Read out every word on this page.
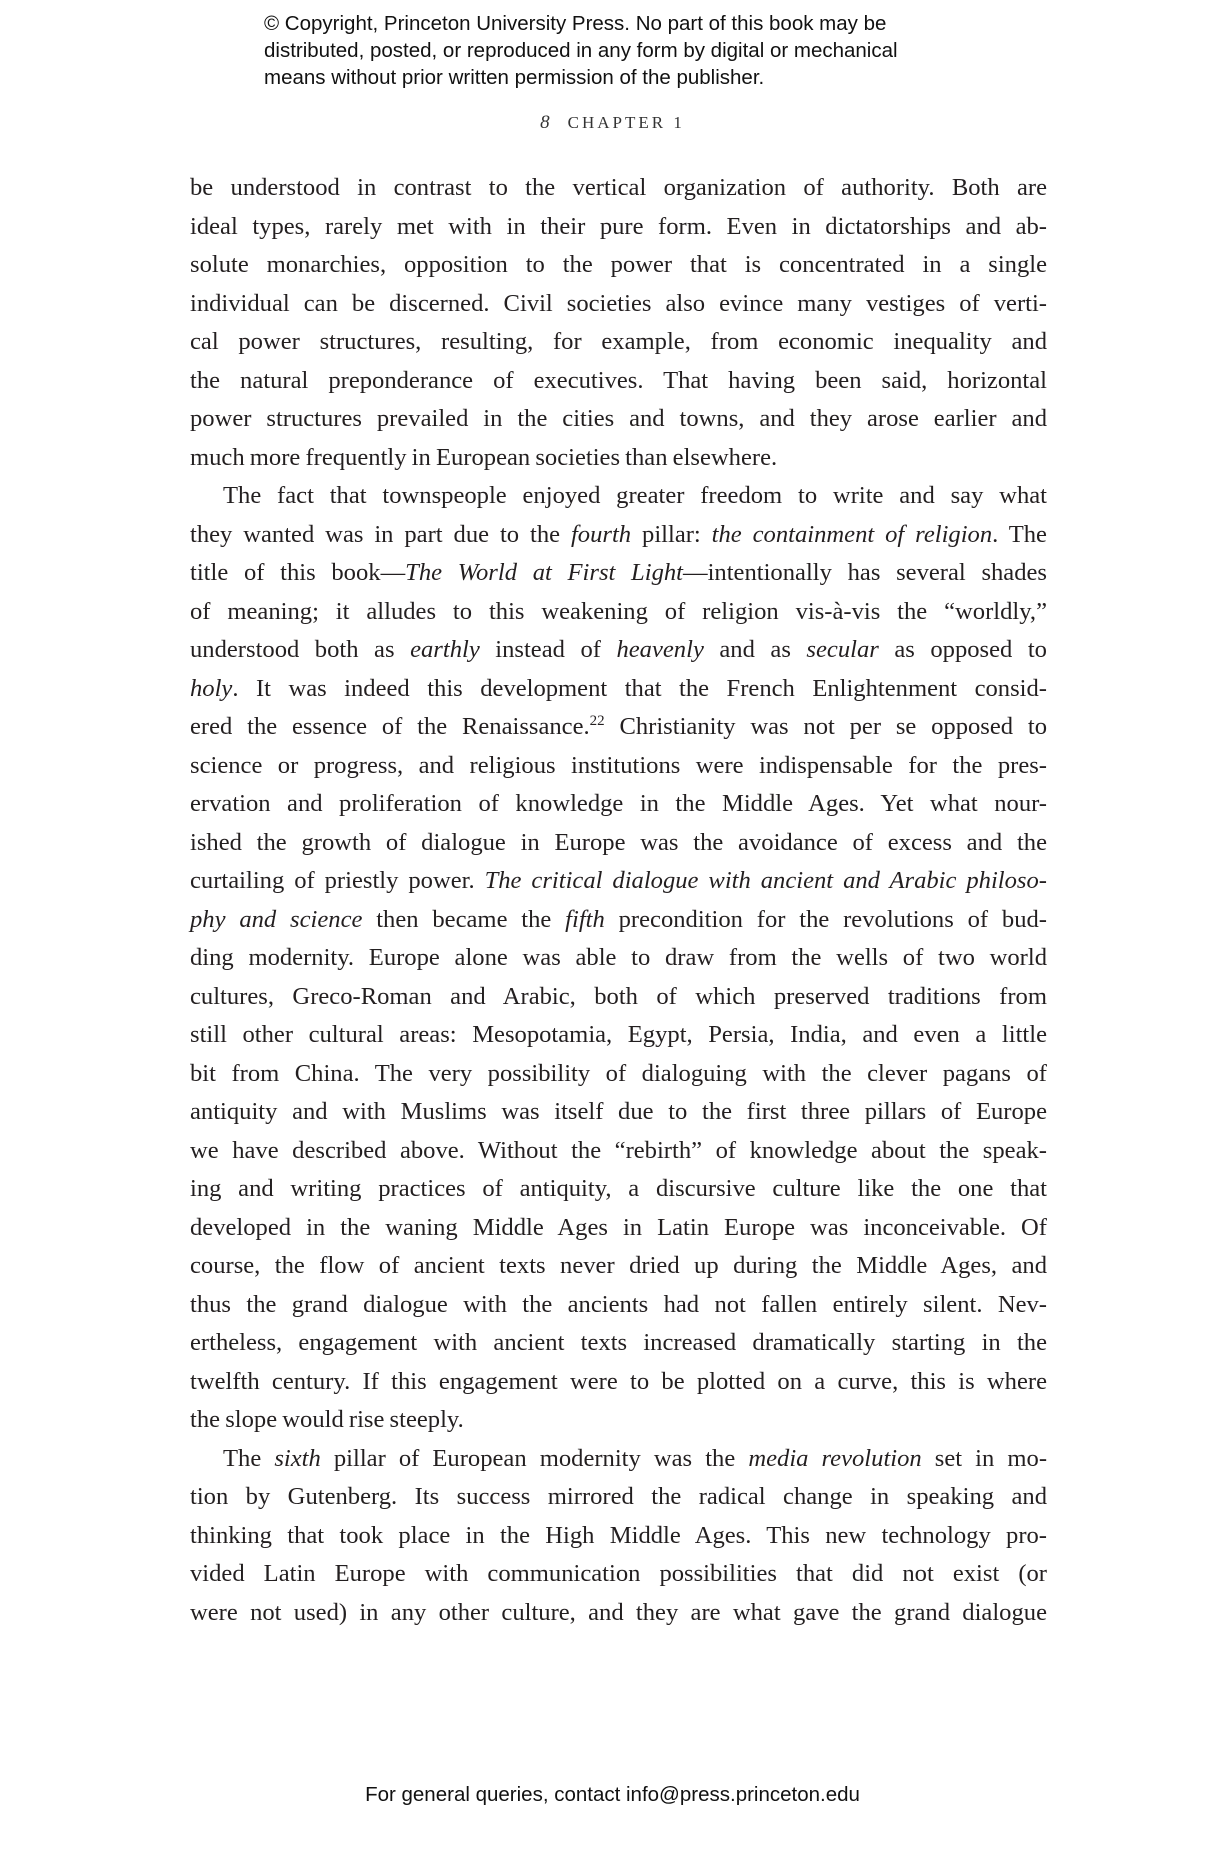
© Copyright, Princeton University Press. No part of this book may be
distributed, posted, or reproduced in any form by digital or mechanical
means without prior written permission of the publisher.
8 CHAPTER 1
be understood in contrast to the vertical organization of authority. Both are
ideal types, rarely met with in their pure form. Even in dictatorships and ab-
solute monarchies, opposition to the power that is concentrated in a single
individual can be discerned. Civil societies also evince many vestiges of verti-
cal power structures, resulting, for example, from economic inequality and
the natural preponderance of executives. That having been said, horizontal
power structures prevailed in the cities and towns, and they arose earlier and
much more frequently in European societies than elsewhere.
The fact that townspeople enjoyed greater freedom to write and say what
they wanted was in part due to the fourth pillar: the containment of religion. The
title of this book—The World at First Light—intentionally has several shades
of meaning; it alludes to this weakening of religion vis-à-vis the “worldly,”
understood both as earthly instead of heavenly and as secular as opposed to
holy. It was indeed this development that the French Enlightenment consid-
ered the essence of the Renaissance.$^{22}$ Christianity was not per se opposed to
science or progress, and religious institutions were indispensable for the pres-
ervation and proliferation of knowledge in the Middle Ages. Yet what nour-
ished the growth of dialogue in Europe was the avoidance of excess and the
curtailing of priestly power. The critical dialogue with ancient and Arabic philoso-
phy and science then became the fifth precondition for the revolutions of bud-
ding modernity. Europe alone was able to draw from the wells of two world
cultures, Greco-Roman and Arabic, both of which preserved traditions from
still other cultural areas: Mesopotamia, Egypt, Persia, India, and even a little
bit from China. The very possibility of dialoguing with the clever pagans of
antiquity and with Muslims was itself due to the first three pillars of Europe
we have described above. Without the “rebirth” of knowledge about the speak-
ing and writing practices of antiquity, a discursive culture like the one that
developed in the waning Middle Ages in Latin Europe was inconceivable. Of
course, the flow of ancient texts never dried up during the Middle Ages, and
thus the grand dialogue with the ancients had not fallen entirely silent. Nev-
ertheless, engagement with ancient texts increased dramatically starting in the
twelfth century. If this engagement were to be plotted on a curve, this is where
the slope would rise steeply.
The sixth pillar of European modernity was the media revolution set in mo-
tion by Gutenberg. Its success mirrored the radical change in speaking and
thinking that took place in the High Middle Ages. This new technology pro-
vided Latin Europe with communication possibilities that did not exist (or
were not used) in any other culture, and they are what gave the grand dialogue
For general queries, contact info@press.princeton.edu
